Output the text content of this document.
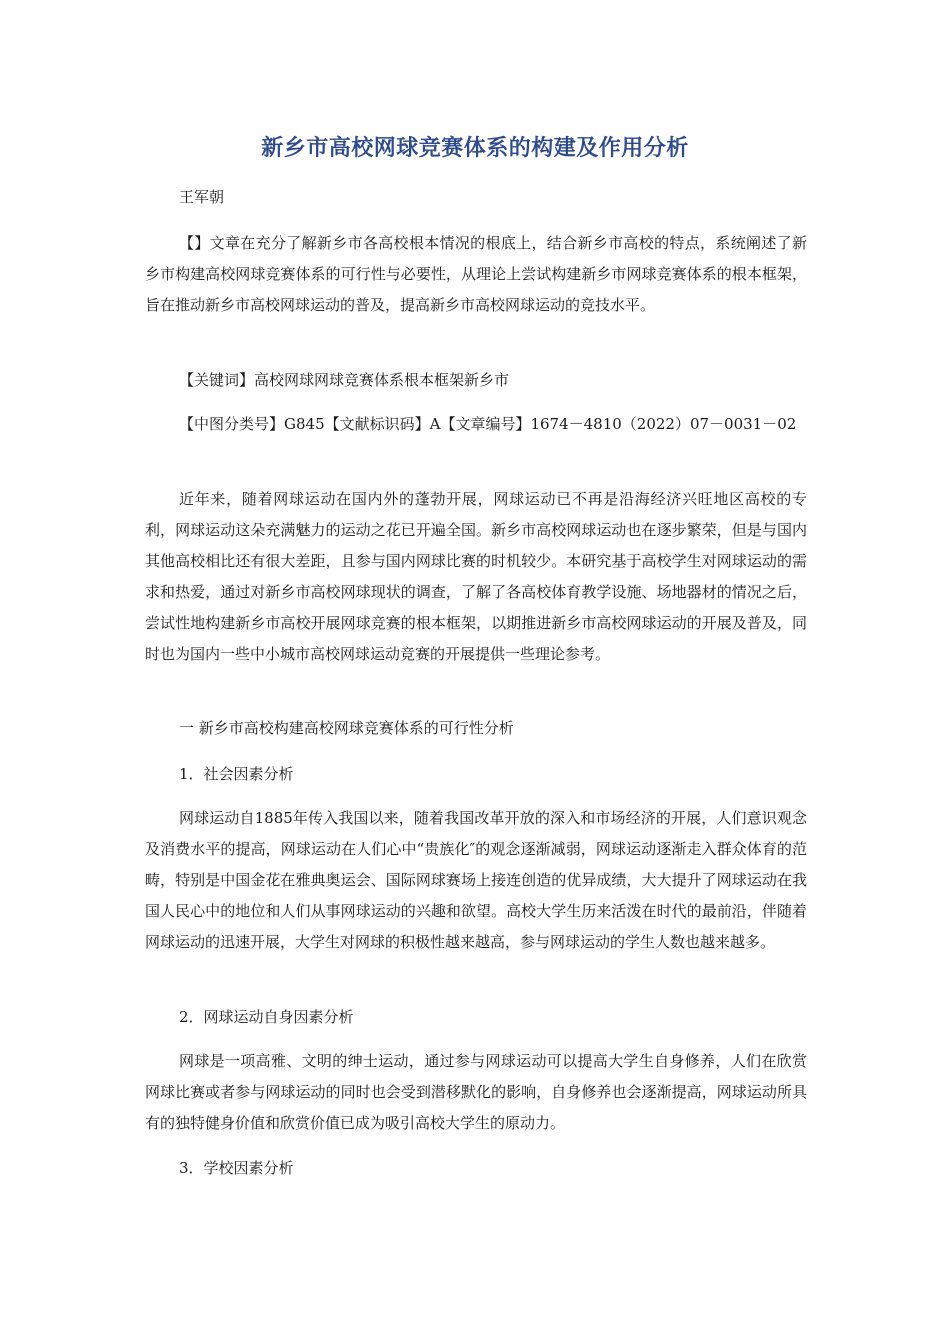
新乡市高校网球竞赛体系的构建及作用分析

王军朝

【】文章在充分了解新乡市各高校根本情况的根底上，结合新乡市高校的特点，系统阐述了新乡市构建高校网球竞赛体系的可行性与必要性，从理论上尝试构建新乡市网球竞赛体系的根本框架，旨在推动新乡市高校网球运动的普及，提高新乡市高校网球运动的竞技水平。

【关键词】高校网球网球竞赛体系根本框架新乡市

【中图分类号】G845【文献标识码】A【文章编号】1674－4810（2022）07－0031－02

近年来，随着网球运动在国内外的蓬勃开展，网球运动已不再是沿海经济兴旺地区高校的专利，网球运动这朵充满魅力的运动之花已开遍全国。新乡市高校网球运动也在逐步繁荣，但是与国内其他高校相比还有很大差距，且参与国内网球比赛的时机较少。本研究基于高校学生对网球运动的需求和热爱，通过对新乡市高校网球现状的调查，了解了各高校体育教学设施、场地器材的情况之后，尝试性地构建新乡市高校开展网球竞赛的根本框架，以期推进新乡市高校网球运动的开展及普及，同时也为国内一些中小城市高校网球运动竞赛的开展提供一些理论参考。

一 新乡市高校构建高校网球竞赛体系的可行性分析

1．社会因素分析

网球运动自1885年传入我国以来，随着我国改革开放的深入和市场经济的开展，人们意识观念及消费水平的提高，网球运动在人们心中“贵族化″的观念逐渐减弱，网球运动逐渐走入群众体育的范畴，特别是中国金花在雅典奥运会、国际网球赛场上接连创造的优异成绩，大大提升了网球运动在我国人民心中的地位和人们从事网球运动的兴趣和欲望。高校大学生历来活泼在时代的最前沿，伴随着网球运动的迅速开展，大学生对网球的积极性越来越高，参与网球运动的学生人数也越来越多。

2．网球运动自身因素分析

网球是一项高雅、文明的绅士运动，通过参与网球运动可以提高大学生自身修养，人们在欣赏网球比赛或者参与网球运动的同时也会受到潜移默化的影响，自身修养也会逐渐提高，网球运动所具有的独特健身价值和欣赏价值已成为吸引高校大学生的原动力。

3．学校因素分析
